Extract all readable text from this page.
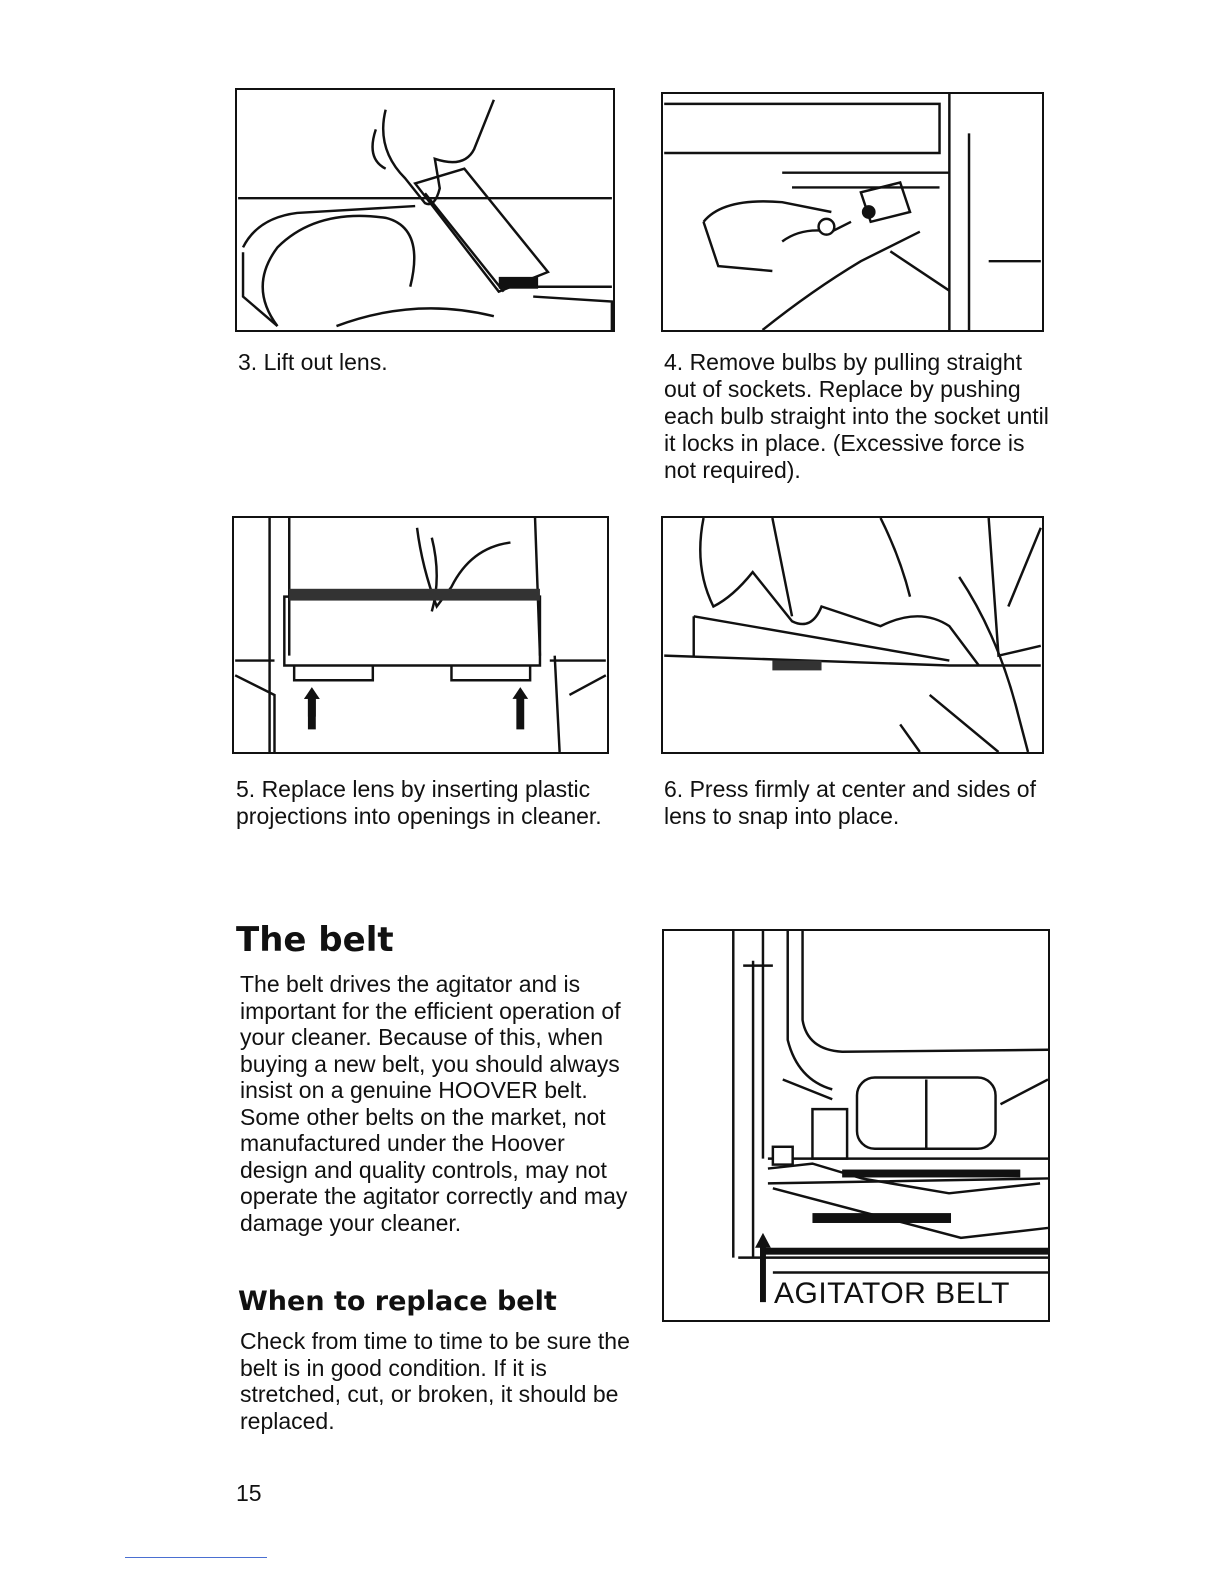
3. Lift out lens.	4. Remove bulbs by pulling straight out of sockets. Replace by pushing each bulb straight into the socket until it locks in place. (Excessive force is not required).
5. Replace lens by inserting plastic projections into openings in cleaner.
6. Press firmly at center and sides of lens to snap into place.
The belt
The belt drives the agitator and is important for the efficient operation of your cleaner. Because of this, when buying a new belt, you should always insist on a genuine HOOVER belt. Some other belts on the market, not manufactured under the Hoover design and quality controls, may not operate the agitator correctly and may damage your cleaner.
When to replace belt
Check from time to time to be sure the belt is in good condition. If it is stretched, cut, or broken, it should be replaced.
AGITATOR BELT
15
